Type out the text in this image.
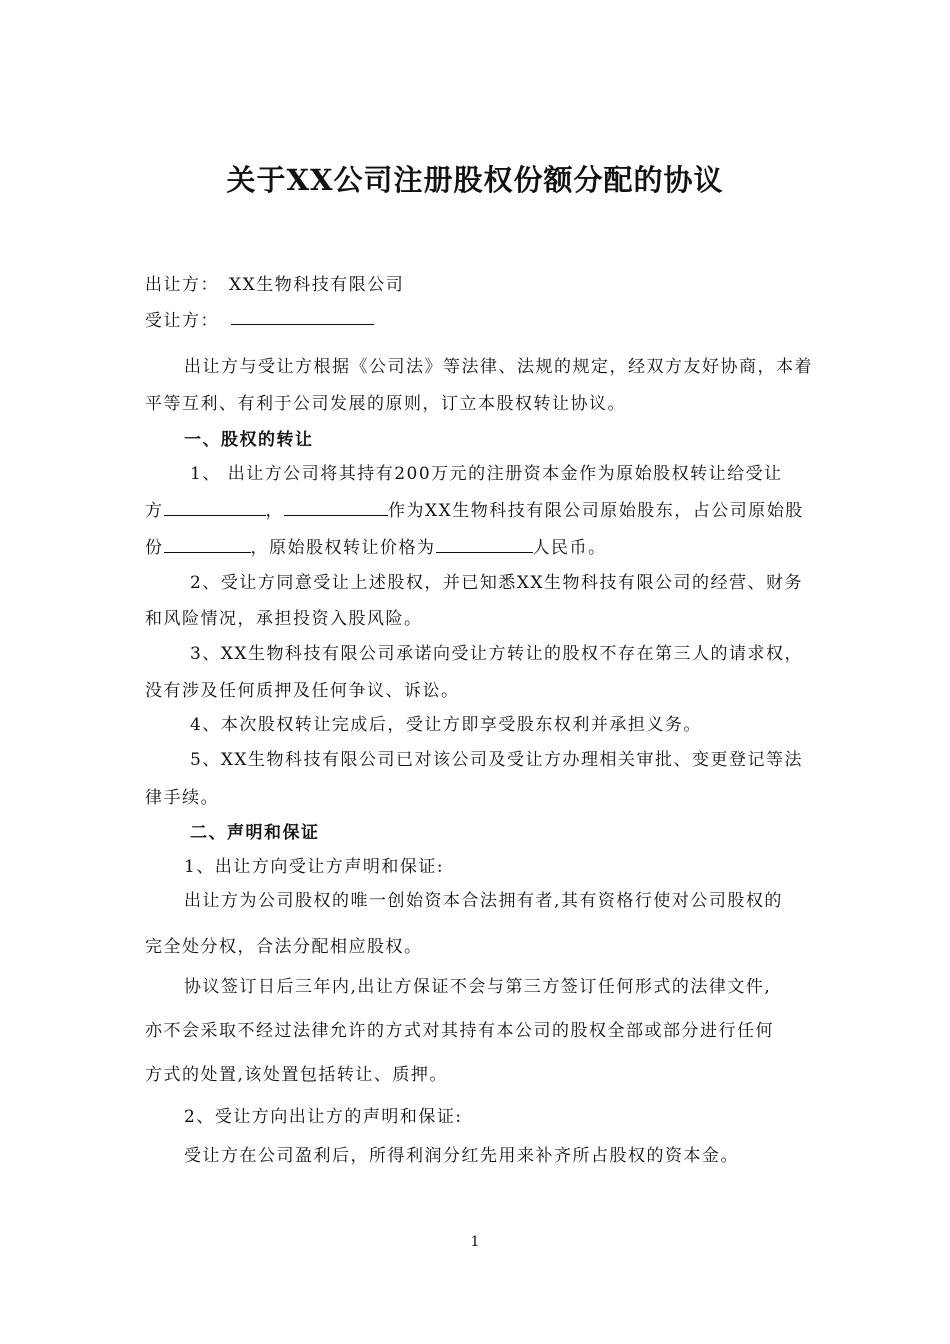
关于XX公司注册股权份额分配的协议
出让方： XX生物科技有限公司
受让方：
出让方与受让方根据《公司法》等法律、法规的规定，经双方友好协商，本着
平等互利、有利于公司发展的原则，订立本股权转让协议。
一、股权的转让
1、 出让方公司将其持有200万元的注册资本金作为原始股权转让给受让
方	，	作为XX生物科技有限公司原始股东，占公司原始股
份	，原始股权转让价格为	人民币。
2、受让方同意受让上述股权，并已知悉XX生物科技有限公司的经营、财务
和风险情况，承担投资入股风险。
3、XX生物科技有限公司承诺向受让方转让的股权不存在第三人的请求权，
没有涉及任何质押及任何争议、诉讼。
4、本次股权转让完成后，受让方即享受股东权利并承担义务。
5、XX生物科技有限公司已对该公司及受让方办理相关审批、变更登记等法
律手续。
二、声明和保证
1、出让方向受让方声明和保证:
出让方为公司股权的唯一创始资本合法拥有者,其有资格行使对公司股权的
完全处分权，合法分配相应股权。
协议签订日后三年内,出让方保证不会与第三方签订任何形式的法律文件,
亦不会采取不经过法律允许的方式对其持有本公司的股权全部或部分进行任何
方式的处置,该处置包括转让、质押。
2、受让方向出让方的声明和保证:
受让方在公司盈利后，所得利润分红先用来补齐所占股权的资本金。
1
